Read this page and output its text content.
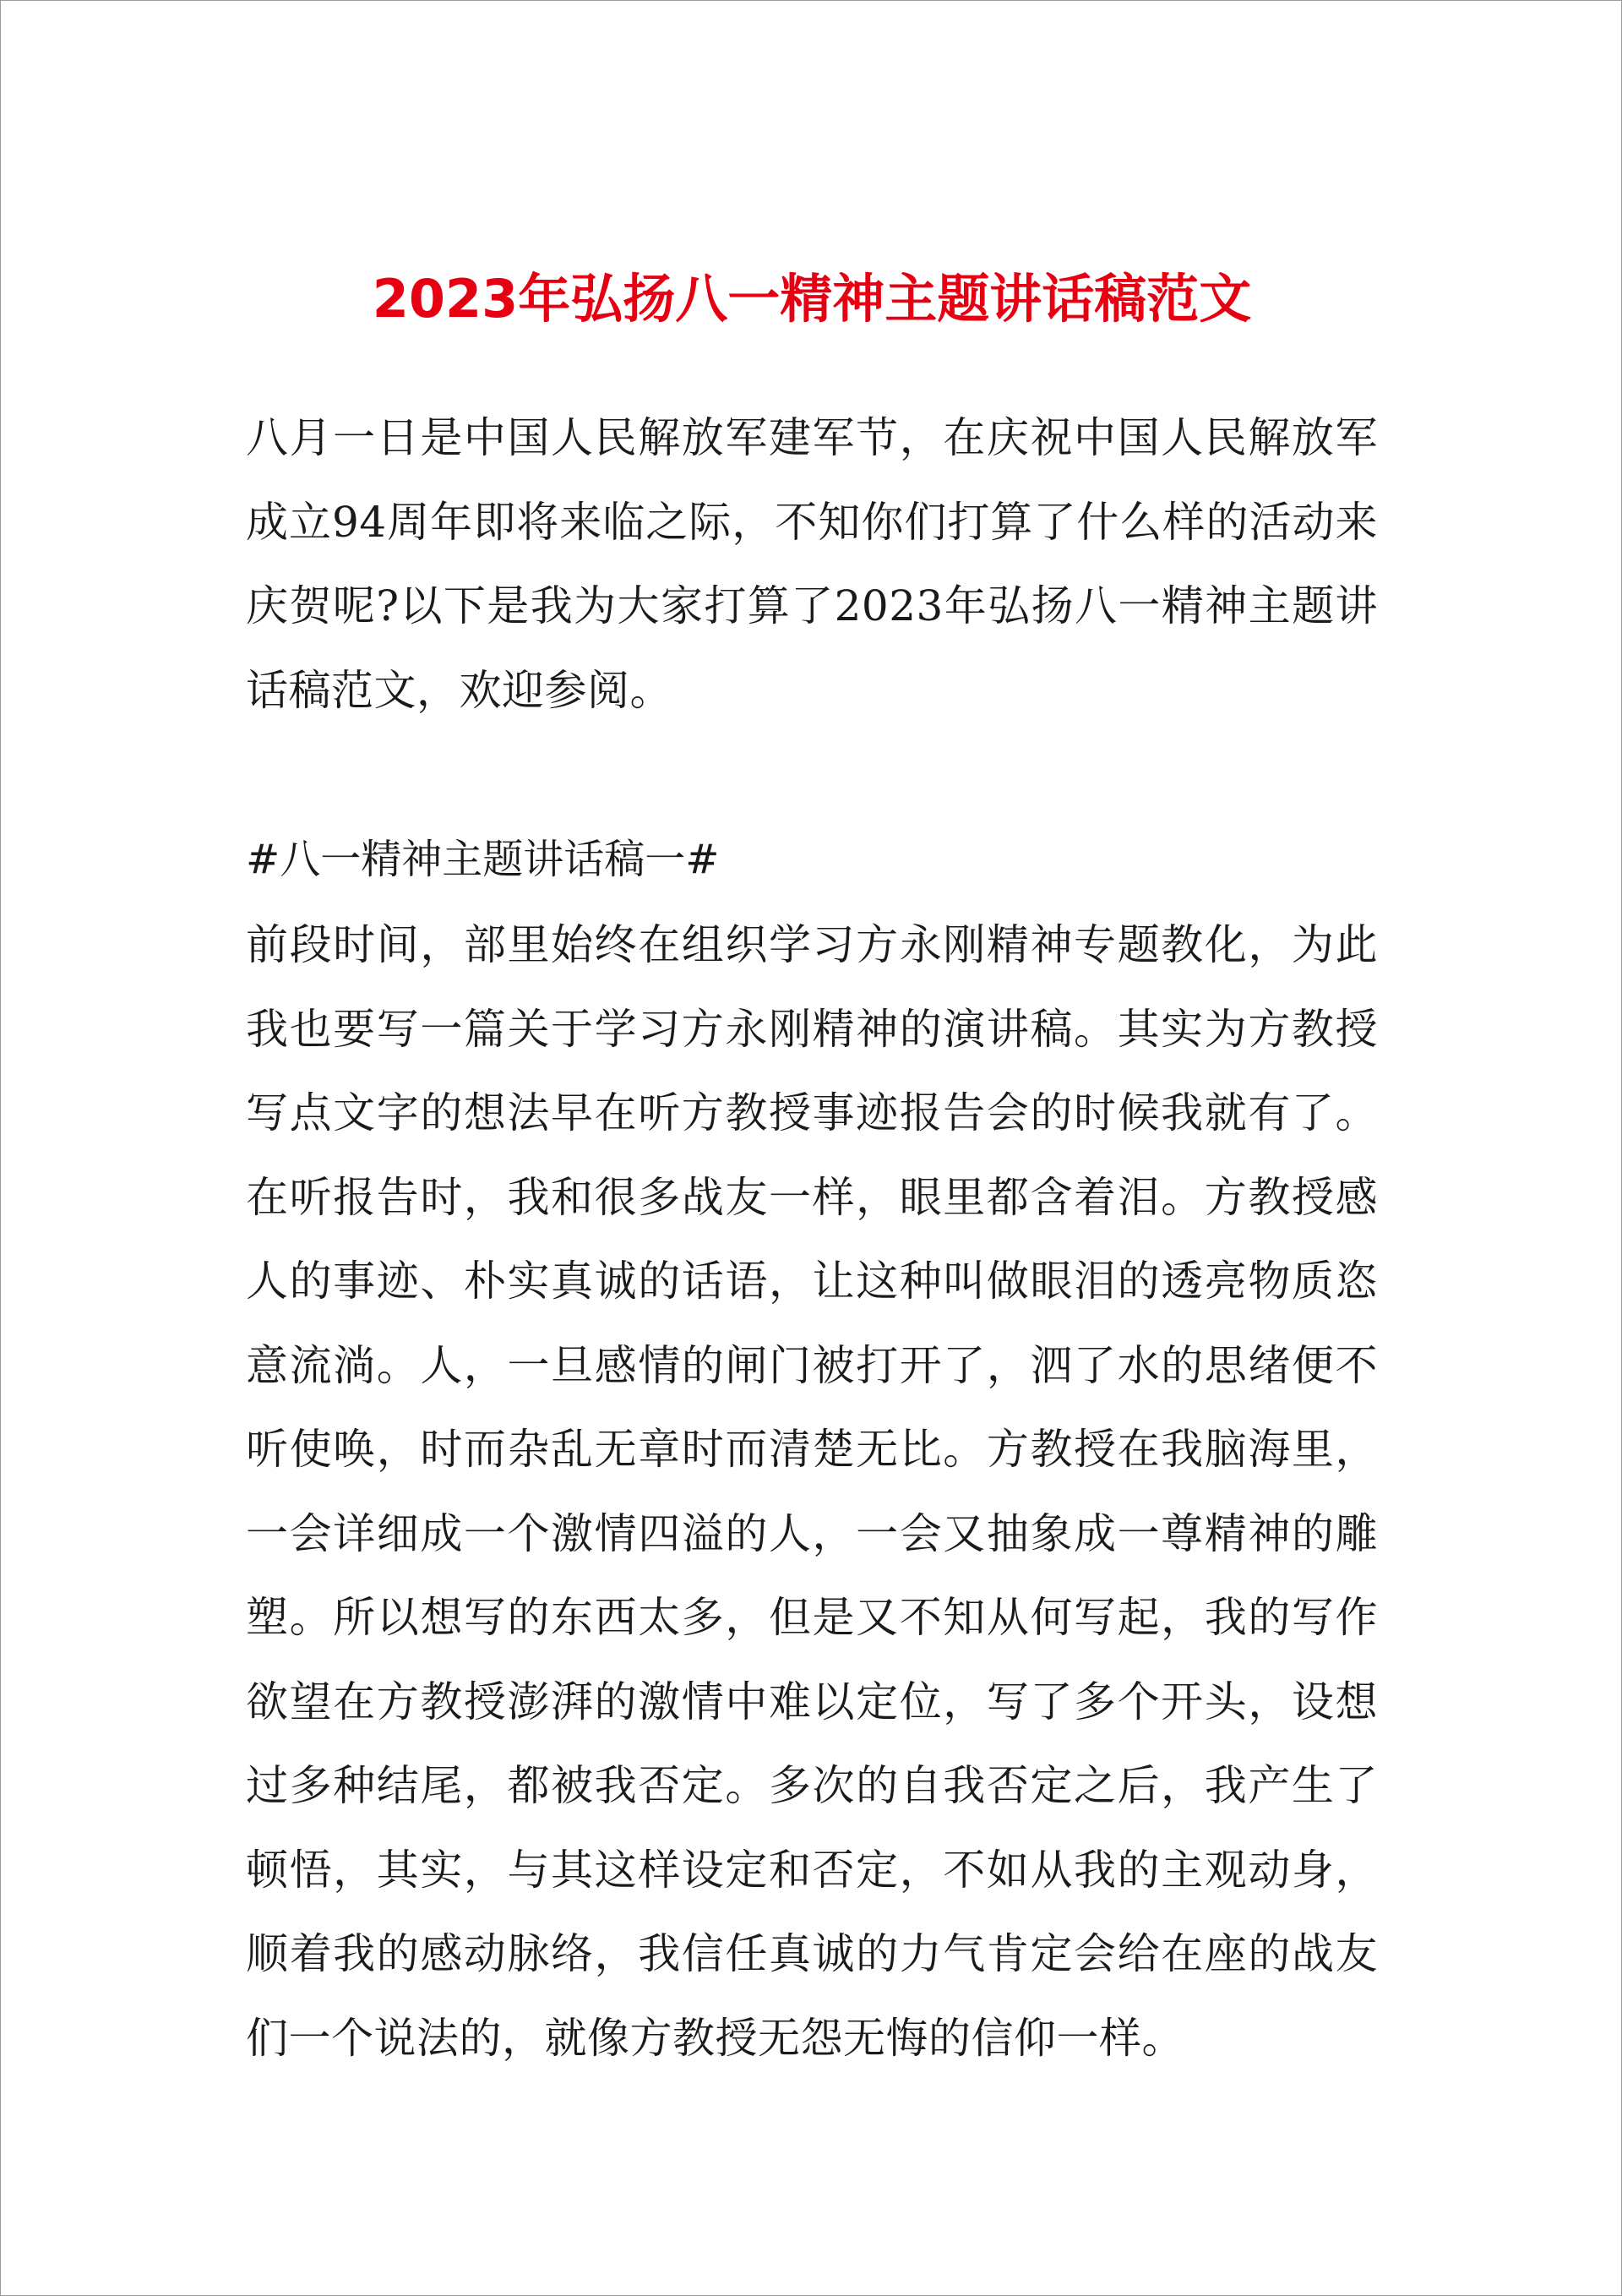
2023年弘扬八一精神主题讲话稿范文

八月一日是中国人民解放军建军节，在庆祝中国人民解放军成立94周年即将来临之际，不知你们打算了什么样的活动来庆贺呢?以下是我为大家打算了2023年弘扬八一精神主题讲话稿范文，欢迎参阅。

#八一精神主题讲话稿一#

前段时间，部里始终在组织学习方永刚精神专题教化，为此我也要写一篇关于学习方永刚精神的演讲稿。其实为方教授写点文字的想法早在听方教授事迹报告会的时候我就有了。在听报告时，我和很多战友一样，眼里都含着泪。方教授感人的事迹、朴实真诚的话语，让这种叫做眼泪的透亮物质恣意流淌。人，一旦感情的闸门被打开了，泗了水的思绪便不听使唤，时而杂乱无章时而清楚无比。方教授在我脑海里，一会详细成一个激情四溢的人，一会又抽象成一尊精神的雕塑。所以想写的东西太多，但是又不知从何写起，我的写作欲望在方教授澎湃的激情中难以定位，写了多个开头，设想过多种结尾，都被我否定。多次的自我否定之后，我产生了顿悟，其实，与其这样设定和否定，不如从我的主观动身，顺着我的感动脉络，我信任真诚的力气肯定会给在座的战友们一个说法的，就像方教授无怨无悔的信仰一样。
